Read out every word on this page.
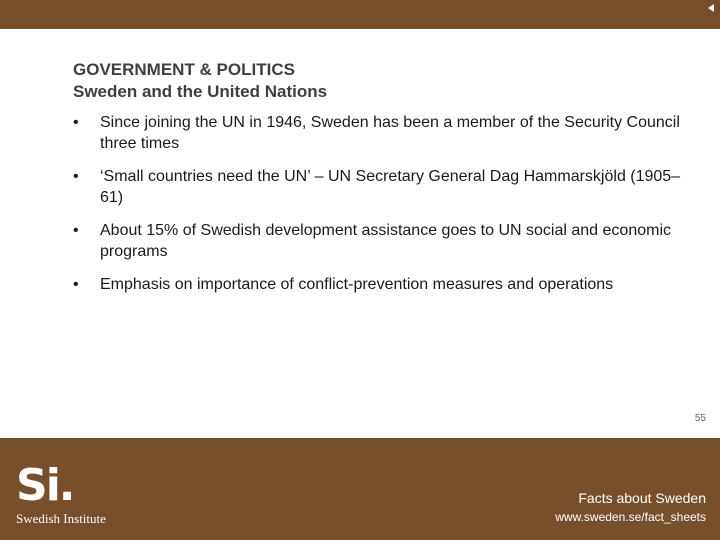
GOVERNMENT & POLITICS
Sweden and the United Nations
• Since joining the UN in 1946, Sweden has been a member of the Security Council three times
• ‘Small countries need the UN’ – UN Secretary General Dag Hammarskjöld (1905–61)
• About 15% of Swedish development assistance goes to UN social and economic programs
• Emphasis on importance of conflict-prevention measures and operations
55
Si.
Swedish Institute
Facts about Sweden
www.sweden.se/fact_sheets
